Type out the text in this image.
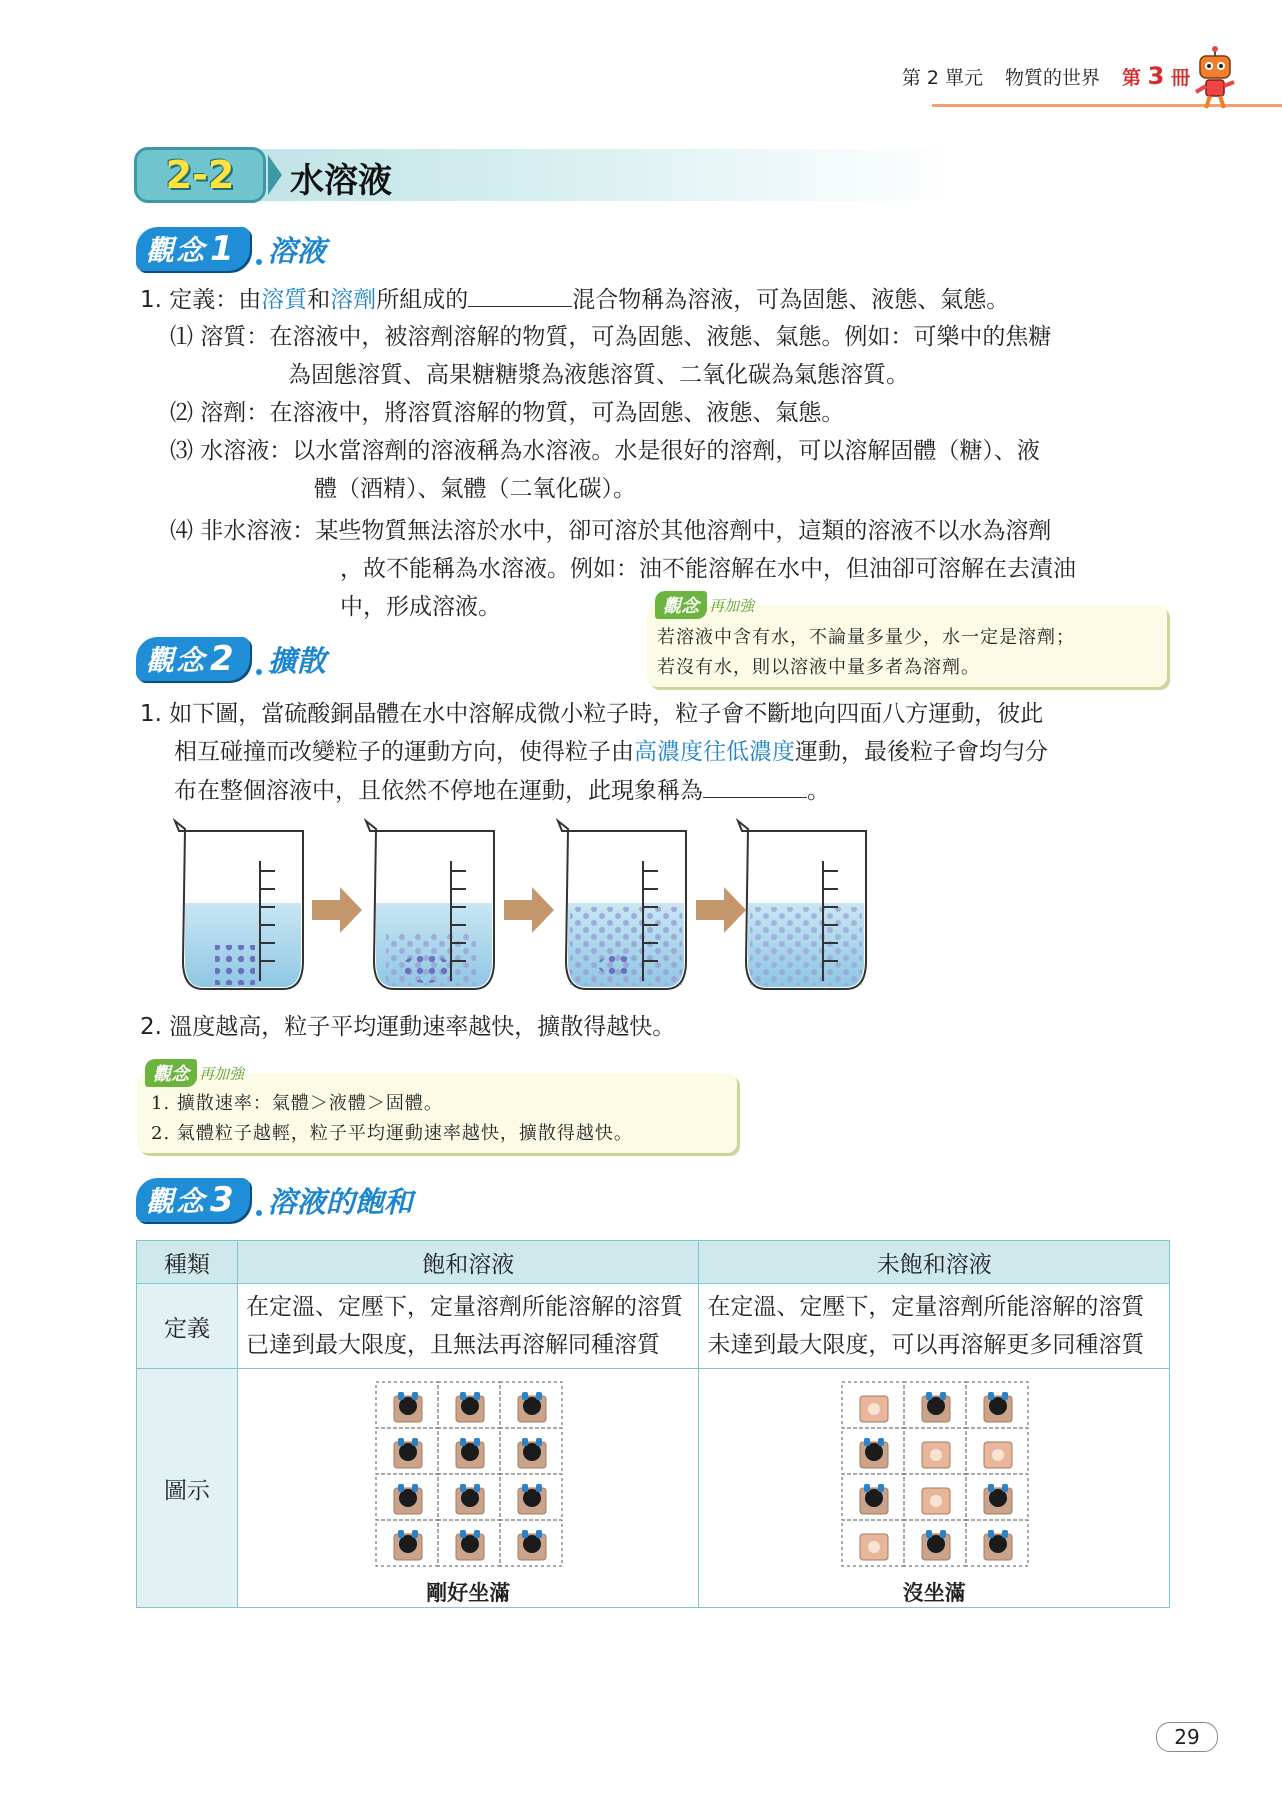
第 2 單元 物質的世界 第 3 冊
2-2	水溶液
觀念 1	溶液
1. 定義：由溶質和溶劑所組成的	混合物稱為溶液，可為固態、液態、氣態。
⑴ 溶質：在溶液中，被溶劑溶解的物質，可為固態、液態、氣態。例如：可樂中的焦糖
為固態溶質、高果糖糖漿為液態溶質、二氧化碳為氣態溶質。
⑵ 溶劑：在溶液中，將溶質溶解的物質，可為固態、液態、氣態。
⑶ 水溶液：以水當溶劑的溶液稱為水溶液。水是很好的溶劑，可以溶解固體（糖）、液
體（酒精）、氣體（二氧化碳）。
⑷ 非水溶液：某些物質無法溶於水中，卻可溶於其他溶劑中，這類的溶液不以水為溶劑
，故不能稱為水溶液。例如：油不能溶解在水中，但油卻可溶解在去漬油
中，形成溶液。	觀念 再加強
若溶液中含有水，不論量多量少，水一定是溶劑；
若沒有水，則以溶液中量多者為溶劑。
觀念 2	擴散
1. 如下圖，當硫酸銅晶體在水中溶解成微小粒子時，粒子會不斷地向四面八方運動，彼此
相互碰撞而改變粒子的運動方向，使得粒子由高濃度往低濃度運動，最後粒子會均勻分
布在整個溶液中，且依然不停地在運動，此現象稱為	。
2. 溫度越高，粒子平均運動速率越快，擴散得越快。
觀念 再加強
1. 擴散速率：氣體＞液體＞固體。
2. 氣體粒子越輕，粒子平均運動速率越快，擴散得越快。
觀念 3	溶液的飽和
種類	飽和溶液	未飽和溶液
定義	在定溫、定壓下，定量溶劑所能溶解的溶質已達到最大限度，且無法再溶解同種溶質	在定溫、定壓下，定量溶劑所能溶解的溶質未達到最大限度，可以再溶解更多同種溶質
圖示	剛好坐滿	沒坐滿
29
